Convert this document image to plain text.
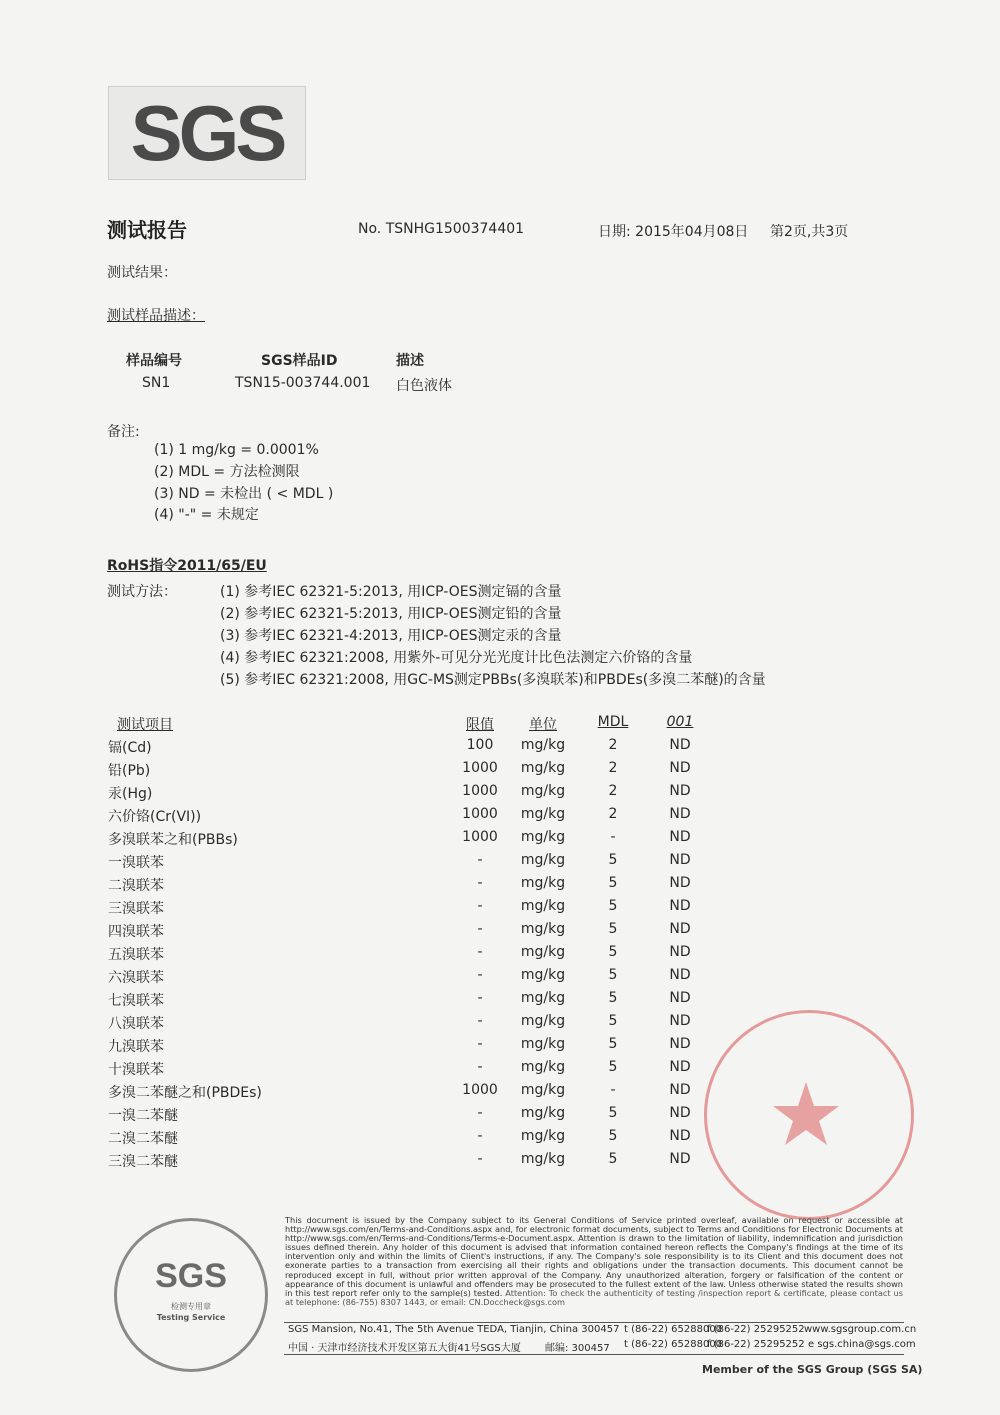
SGS
测试报告	No. TSNHG1500374401	日期: 2015年04月08日 第2页,共3页
测试结果：
测试样品描述：
样品编号	SGS样品ID	描述
SN1	TSN15-003744.001 白色液体
备注:
(1) 1 mg/kg = 0.0001%
(2) MDL = 方法检测限
(3) ND = 未检出 ( < MDL )
(4) "-" = 未规定
RoHS指令2011/65/EU
测试方法：	(1) 参考IEC 62321-5:2013, 用ICP-OES测定镉的含量
(2) 参考IEC 62321-5:2013, 用ICP-OES测定铅的含量
(3) 参考IEC 62321-4:2013, 用ICP-OES测定汞的含量
(4) 参考IEC 62321:2008, 用紫外-可见分光光度计比色法测定六价铬的含量
(5) 参考IEC 62321:2008, 用GC-MS测定PBBs(多溴联苯)和PBDEs(多溴二苯醚)的含量
测试项目	限值	单位	MDL	001
镉(Cd)	100	mg/kg	2	ND
铅(Pb)	1000	mg/kg	2	ND
汞(Hg)	1000	mg/kg	2	ND
六价铬(Cr(VI))	1000	mg/kg	2	ND
多溴联苯之和(PBBs)	1000	mg/kg	-	ND
一溴联苯	-	mg/kg	5	ND
二溴联苯	-	mg/kg	5	ND
三溴联苯	-	mg/kg	5	ND
四溴联苯	-	mg/kg	5	ND
五溴联苯	-	mg/kg	5	ND
六溴联苯	-	mg/kg	5	ND
七溴联苯	-	mg/kg	5	ND
八溴联苯	-	mg/kg	5	ND
九溴联苯	-	mg/kg	5	ND
十溴联苯	-	mg/kg	5	ND
多溴二苯醚之和(PBDEs)	1000	mg/kg	-	ND
一溴二苯醚	-	mg/kg	5	ND
二溴二苯醚	-	mg/kg	5	ND
三溴二苯醚	-	mg/kg	5	ND
SGS
检测专用章
Testing Service
This document is issued by the Company subject to its General Conditions of Service printed overleaf, available on request or accessible at http://www.sgs.com/en/Terms-and-Conditions.aspx and, for electronic format documents, subject to Terms and Conditions for Electronic Documents at http://www.sgs.com/en/Terms-and-Conditions/Terms-e-Document.aspx. Attention is drawn to the limitation of liability, indemnification and jurisdiction issues defined therein. Any holder of this document is advised that information contained hereon reflects the Company's findings at the time of its intervention only and within the limits of Client's instructions, if any. The Company's sole responsibility is to its Client and this document does not exonerate parties to a transaction from exercising all their rights and obligations under the transaction documents. This document cannot be reproduced except in full, without prior written approval of the Company. Any unauthorized alteration, forgery or falsification of the content or appearance of this document is unlawful and offenders may be prosecuted to the fullest extent of the law. Unless otherwise stated the results shown in this test report refer only to the sample(s) tested. Attention: To check the authenticity of testing /inspection report & certificate, please contact us at telephone: (86-755) 8307 1443, or email: CN.Doccheck@sgs.com
SGS Mansion, No.41, The 5th Avenue TEDA, Tianjin, China 300457 t (86-22) 65288000
f (86-22) 25295252 www.sgsgroup.com.cn
中国 · 天津市经济技术开发区第五大街41号SGS大厦 邮编: 300457 t (86-22) 65288000
f (86-22) 25295252 e sgs.china@sgs.com
Member of the SGS Group (SGS SA)
